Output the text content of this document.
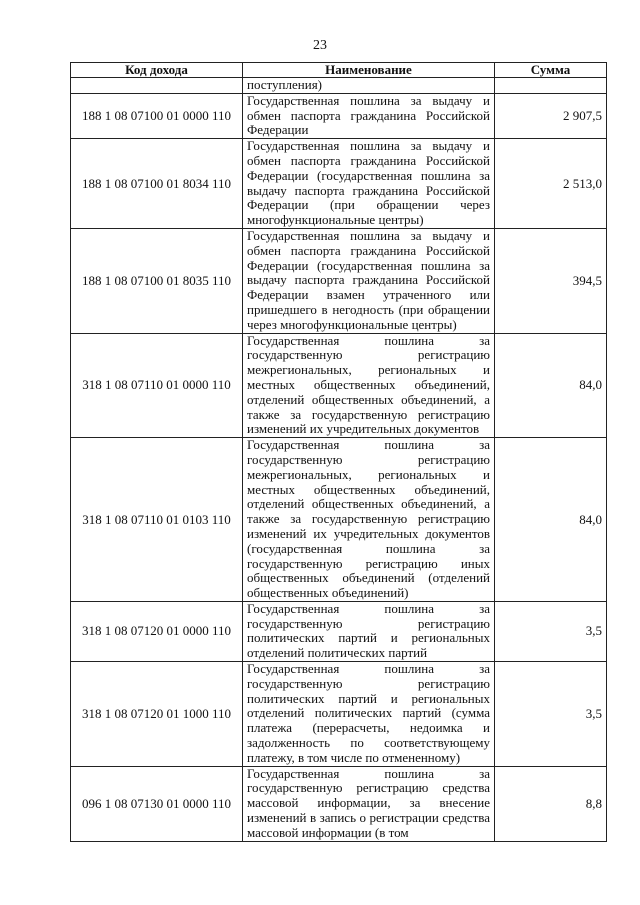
23
Код дохода	Наименование	Сумма
	поступления)	
188 1 08 07100 01 0000 110	Государственная пошлина за выдачу и обмен паспорта гражданина Российской Федерации	2 907,5
188 1 08 07100 01 8034 110	Государственная пошлина за выдачу и обмен паспорта гражданина Российской Федерации (государственная пошлина за выдачу паспорта гражданина Российской Федерации (при обращении через многофункциональные центры)	2 513,0
188 1 08 07100 01 8035 110	Государственная пошлина за выдачу и обмен паспорта гражданина Российской Федерации (государственная пошлина за выдачу паспорта гражданина Российской Федерации взамен утраченного или пришедшего в негодность (при обращении через многофункциональные центры)	394,5
318 1 08 07110 01 0000 110	Государственная пошлина за государственную регистрацию межрегиональных, региональных и местных общественных объединений, отделений общественных объединений, а также за государственную регистрацию изменений их учредительных документов	84,0
318 1 08 07110 01 0103 110	Государственная пошлина за государственную регистрацию межрегиональных, региональных и местных общественных объединений, отделений общественных объединений, а также за государственную регистрацию изменений их учредительных документов (государственная пошлина за государственную регистрацию иных общественных объединений (отделений общественных объединений)	84,0
318 1 08 07120 01 0000 110	Государственная пошлина за государственную регистрацию политических партий и региональных отделений политических партий	3,5
318 1 08 07120 01 1000 110	Государственная пошлина за государственную регистрацию политических партий и региональных отделений политических партий (сумма платежа (перерасчеты, недоимка и задолженность по соответствующему платежу, в том числе по отмененному)	3,5
096 1 08 07130 01 0000 110	Государственная пошлина за государственную регистрацию средства массовой информации, за внесение изменений в запись о регистрации средства массовой информации (в том	8,8
